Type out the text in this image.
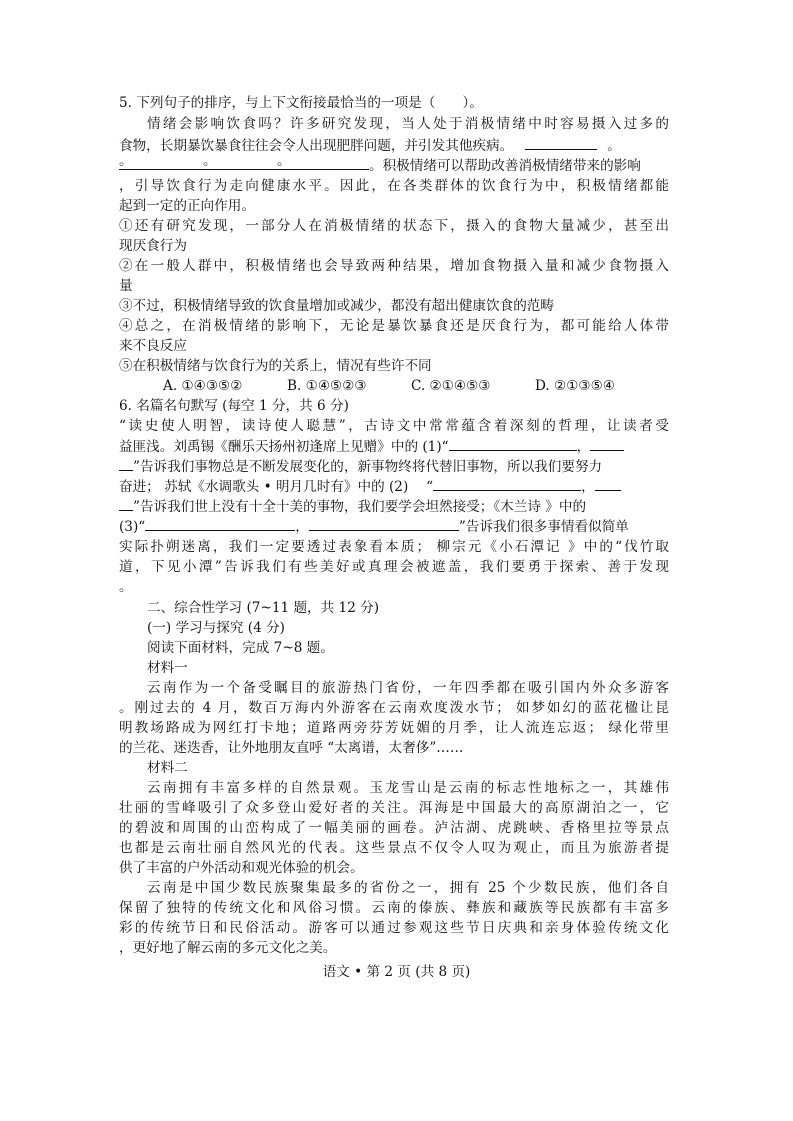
5. 下列句子的排序，与上下文衔接最恰当的一项是（　　）。
情绪会影响饮食吗？许多研究发现，当人处于消极情绪中时容易摄入过多的
食物，长期暴饮暴食往往会令人出现肥胖问题，并引发其他疾病。	。
。	。	。	。积极情绪可以帮助改善消极情绪带来的影响
，引导饮食行为走向健康水平。因此，在各类群体的饮食行为中，积极情绪都能
起到一定的正向作用。
①还有研究发现，一部分人在消极情绪的状态下，摄入的食物大量减少，甚至出
现厌食行为
②在一般人群中，积极情绪也会导致两种结果，增加食物摄入量和减少食物摄入
量
③不过，积极情绪导致的饮食量增加或减少，都没有超出健康饮食的范畴
④总之，在消极情绪的影响下，无论是暴饮暴食还是厌食行为，都可能给人体带
来不良反应
⑤在积极情绪与饮食行为的关系上，情况有些许不同
A. ①④③⑤②	B. ①④⑤②③	C. ②①④⑤③	D. ②①③⑤④
6. 名篇名句默写 (每空 1 分，共 6 分)
“读史使人明智，读诗使人聪慧”，古诗文中常常蕴含着深刻的哲理，让读者受
益匪浅。刘禹锡《酬乐天扬州初逢席上见赠》中的 (1)“	，
”告诉我们事物总是不断发展变化的，新事物终将代替旧事物，所以我们要努力
奋进； 苏轼《水调歌头 • 明月几时有》中的 (2) 　“	，
”告诉我们世上没有十全十美的事物，我们要学会坦然接受；《木兰诗 》中的
(3)“	，	”告诉我们很多事情看似简单
实际扑朔迷离，我们一定要透过表象看本质； 柳宗元《小石潭记 》中的“伐竹取
道，下见小潭”告诉我们有些美好或真理会被遮盖，我们要勇于探索、善于发现
。
二、综合性学习 (7~11 题，共 12 分)
(一) 学习与探究 (4 分)
阅读下面材料，完成 7~8 题。
材料一
云南作为一个备受瞩目的旅游热门省份，一年四季都在吸引国内外众多游客
。刚过去的 4 月，数百万海内外游客在云南欢度泼水节； 如梦如幻的蓝花楹让昆
明教场路成为网红打卡地；道路两旁芬芳妩媚的月季，让人流连忘返； 绿化带里
的兰花、迷迭香，让外地朋友直呼 “太离谱，太奢侈”……
材料二
云南拥有丰富多样的自然景观。玉龙雪山是云南的标志性地标之一，其雄伟
壮丽的雪峰吸引了众多登山爱好者的关注。洱海是中国最大的高原湖泊之一，它
的碧波和周围的山峦构成了一幅美丽的画卷。泸沽湖、虎跳峡、香格里拉等景点
也都是云南壮丽自然风光的代表。这些景点不仅令人叹为观止，而且为旅游者提
供了丰富的户外活动和观光体验的机会。
云南是中国少数民族聚集最多的省份之一，拥有 25 个少数民族，他们各自
保留了独特的传统文化和风俗习惯。云南的傣族、彝族和藏族等民族都有丰富多
彩的传统节日和民俗活动。游客可以通过参观这些节日庆典和亲身体验传统文化
，更好地了解云南的多元文化之美。
语文 • 第 2 页 (共 8 页)
